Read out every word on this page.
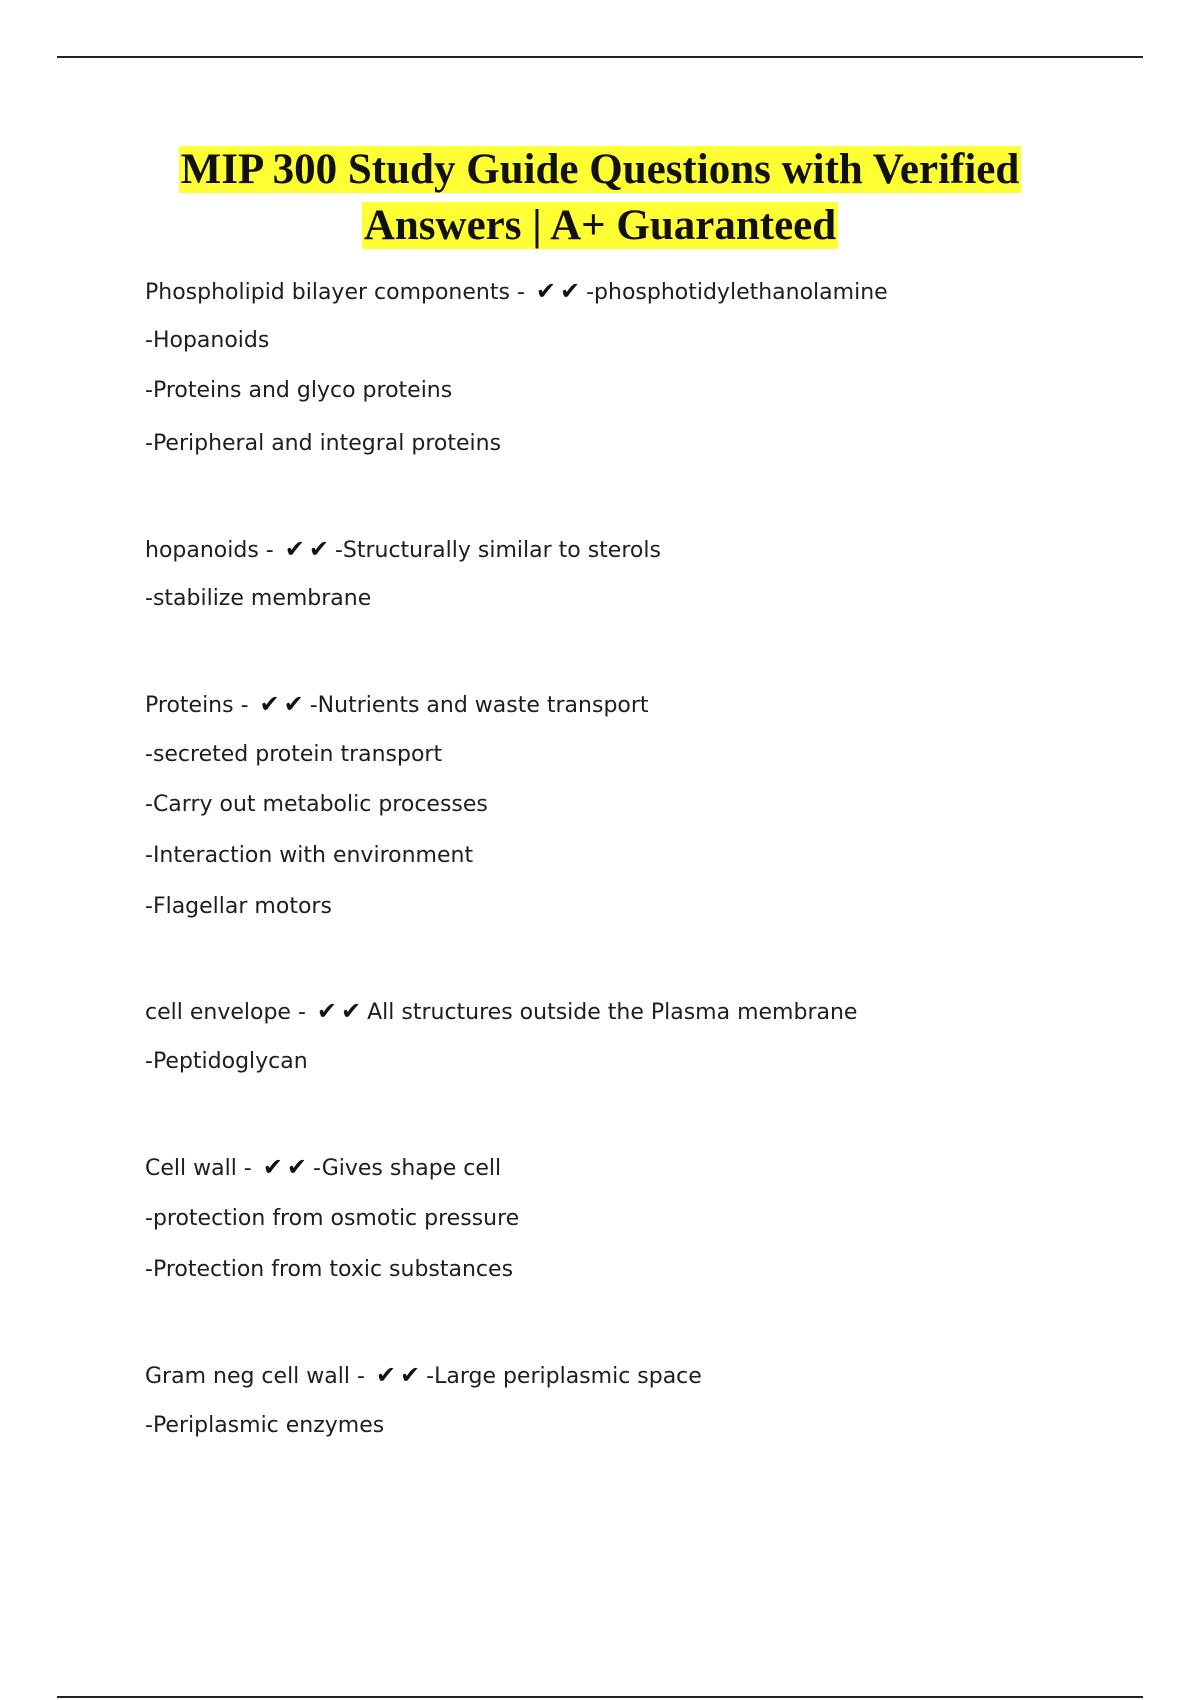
MIP 300 Study Guide Questions with Verified
Answers | A+ Guaranteed
Phospholipid bilayer components - ✔✔-phosphotidylethanolamine
-Hopanoids
-Proteins and glyco proteins
-Peripheral and integral proteins
hopanoids - ✔✔-Structurally similar to sterols
-stabilize membrane
Proteins - ✔✔-Nutrients and waste transport
-secreted protein transport
-Carry out metabolic processes
-Interaction with environment
-Flagellar motors
cell envelope - ✔✔All structures outside the Plasma membrane
-Peptidoglycan
Cell wall - ✔✔-Gives shape cell
-protection from osmotic pressure
-Protection from toxic substances
Gram neg cell wall - ✔✔-Large periplasmic space
-Periplasmic enzymes
